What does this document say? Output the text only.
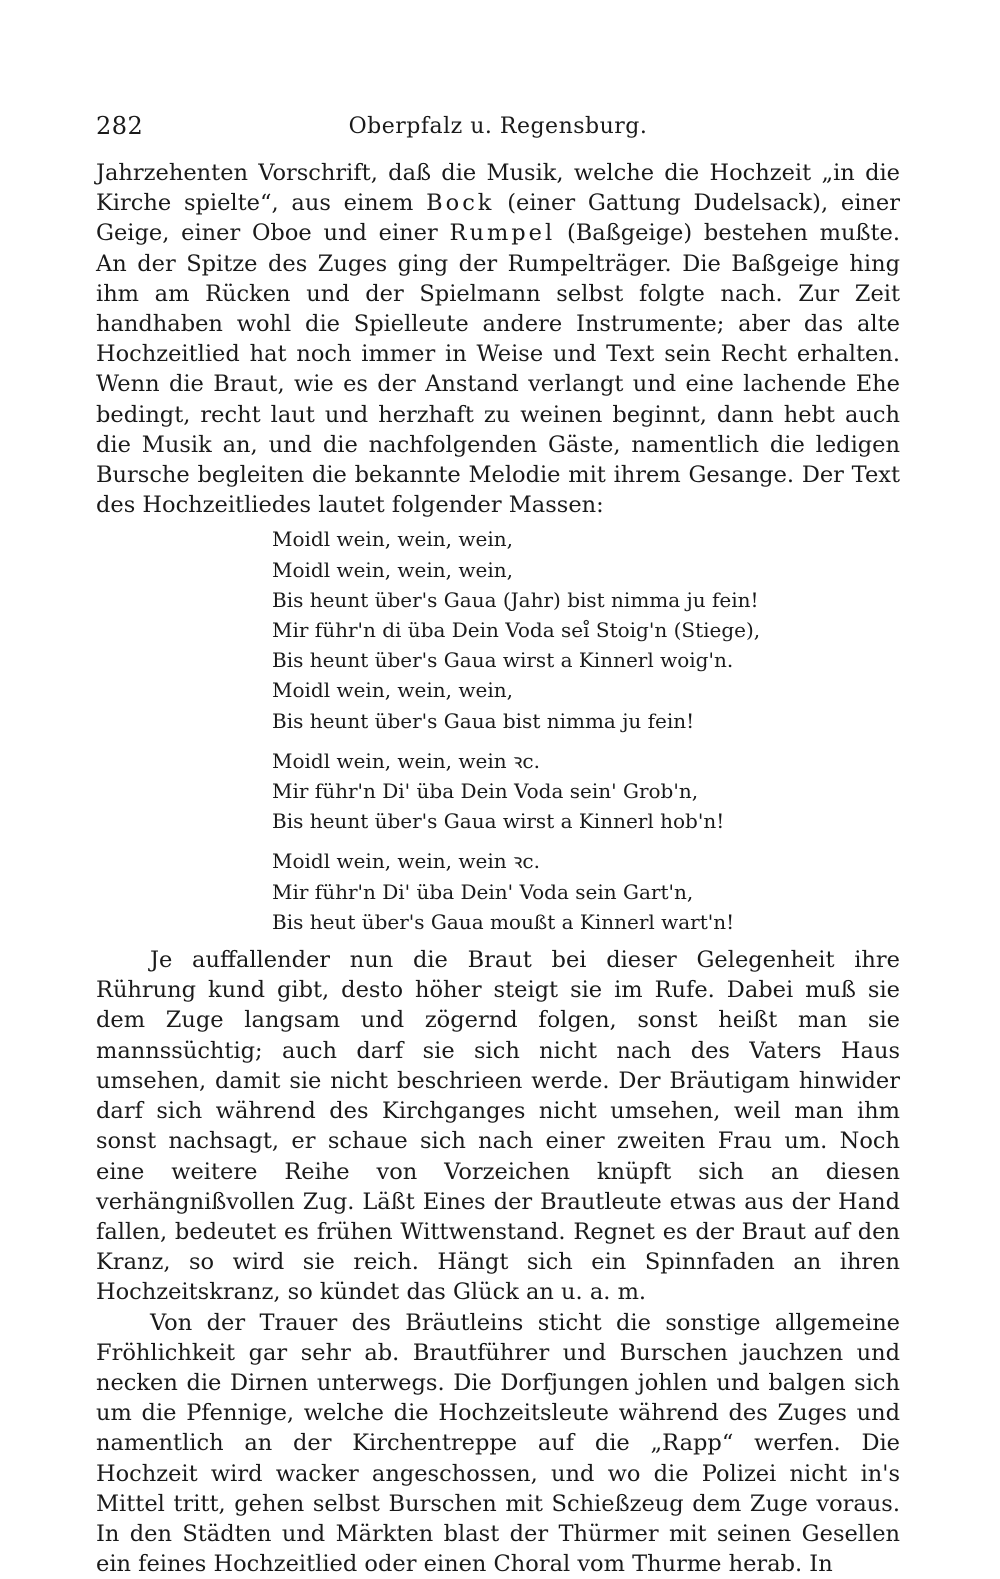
282	Oberpfalz u. Regensburg.

Jahrzehenten Vorschrift, daß die Musik, welche die Hochzeit „in die Kirche spielte“, aus einem Bock (einer Gattung Dudelsack), einer Geige, einer Oboe und einer Rumpel (Baßgeige) bestehen mußte. An der Spitze des Zuges ging der Rumpelträger. Die Baßgeige hing ihm am Rücken und der Spielmann selbst folgte nach. Zur Zeit handhaben wohl die Spielleute andere Instrumente; aber das alte Hochzeitlied hat noch immer in Weise und Text sein Recht erhalten. Wenn die Braut, wie es der Anstand verlangt und eine lachende Ehe bedingt, recht laut und herzhaft zu weinen beginnt, dann hebt auch die Musik an, und die nachfolgenden Gäste, namentlich die ledigen Bursche begleiten die bekannte Melodie mit ihrem Gesange. Der Text des Hochzeitliedes lautet folgender Massen:

Moidl wein, wein, wein,
Moidl wein, wein, wein,
Bis heunt über's Gaua (Jahr) bist nimma ju fein!
Mir führ'n di üba Dein Voda sei̊ Stoig'n (Stiege),
Bis heunt über's Gaua wirst a Kinnerl woig'n.
Moidl wein, wein, wein,
Bis heunt über's Gaua bist nimma ju fein!
Moidl wein, wein, wein ꝛc.
Mir führ'n Di' üba Dein Voda sein' Grob'n,
Bis heunt über's Gaua wirst a Kinnerl hob'n!
Moidl wein, wein, wein ꝛc.
Mir führ'n Di' üba Dein' Voda sein Gart'n,
Bis heut über's Gaua moußt a Kinnerl wart'n!

Je auffallender nun die Braut bei dieser Gelegenheit ihre Rührung kund gibt, desto höher steigt sie im Rufe. Dabei muß sie dem Zuge langsam und zögernd folgen, sonst heißt man sie mannssüchtig; auch darf sie sich nicht nach des Vaters Haus umsehen, damit sie nicht beschrieen werde. Der Bräutigam hinwider darf sich während des Kirchganges nicht umsehen, weil man ihm sonst nachsagt, er schaue sich nach einer zweiten Frau um. Noch eine weitere Reihe von Vorzeichen knüpft sich an diesen verhängnißvollen Zug. Läßt Eines der Brautleute etwas aus der Hand fallen, bedeutet es frühen Wittwenstand. Regnet es der Braut auf den Kranz, so wird sie reich. Hängt sich ein Spinnfaden an ihren Hochzeitskranz, so kündet das Glück an u. a. m.

Von der Trauer des Bräutleins sticht die sonstige allgemeine Fröhlichkeit gar sehr ab. Brautführer und Burschen jauchzen und necken die Dirnen unterwegs. Die Dorfjungen johlen und balgen sich um die Pfennige, welche die Hochzeitsleute während des Zuges und namentlich an der Kirchentreppe auf die „Rapp“ werfen. Die Hochzeit wird wacker angeschossen, und wo die Polizei nicht in's Mittel tritt, gehen selbst Burschen mit Schießzeug dem Zuge voraus. In den Städten und Märkten blast der Thürmer mit seinen Gesellen ein feines Hochzeitlied oder einen Choral vom Thurme herab. In
